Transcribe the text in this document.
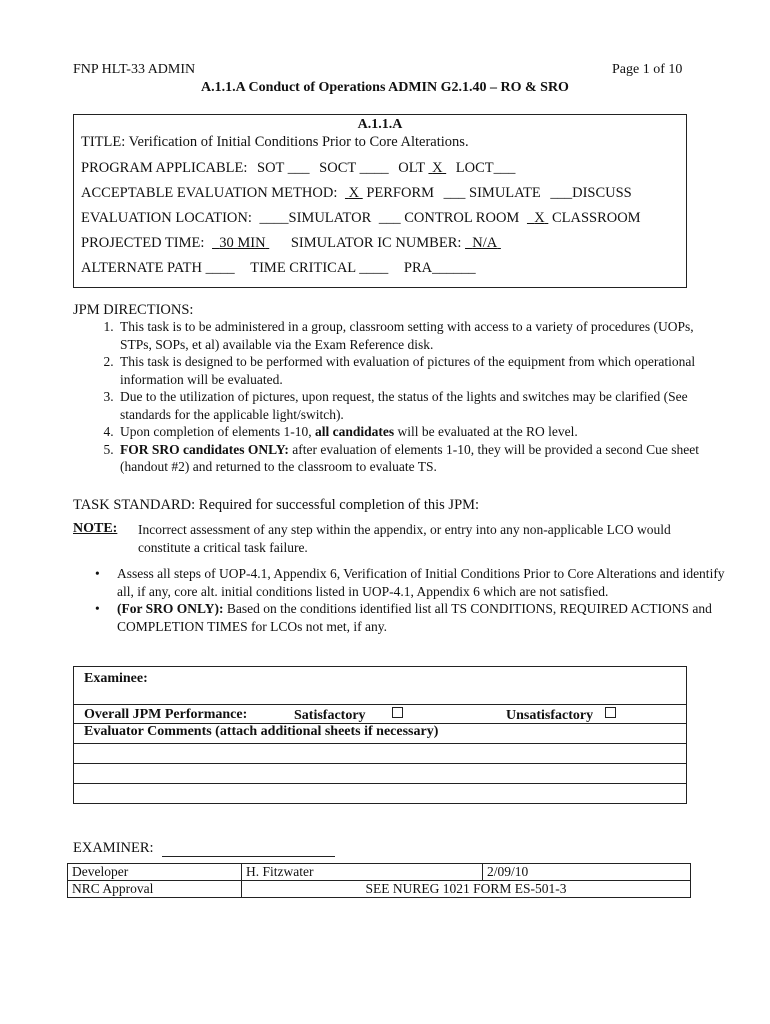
FNP HLT-33 ADMIN	Page 1 of 10
A.1.1.A Conduct of Operations ADMIN G2.1.40 – RO & SRO
A.1.1.A
TITLE: Verification of Initial Conditions Prior to Core Alterations.
PROGRAM APPLICABLE: SOT ___ SOCT ____ OLT X LOCT___
ACCEPTABLE EVALUATION METHOD: X PERFORM ___ SIMULATE ___DISCUSS
EVALUATION LOCATION: ____SIMULATOR ___ CONTROL ROOM X CLASSROOM
PROJECTED TIME: 30 MIN SIMULATOR IC NUMBER: N/A
ALTERNATE PATH ____ TIME CRITICAL ____ PRA______
JPM DIRECTIONS:
1. This task is to be administered in a group, classroom setting with access to a variety of procedures (UOPs, STPs, SOPs, et al) available via the Exam Reference disk.
2. This task is designed to be performed with evaluation of pictures of the equipment from which operational information will be evaluated.
3. Due to the utilization of pictures, upon request, the status of the lights and switches may be clarified (See standards for the applicable light/switch).
4. Upon completion of elements 1-10, all candidates will be evaluated at the RO level.
5. FOR SRO candidates ONLY: after evaluation of elements 1-10, they will be provided a second Cue sheet (handout #2) and returned to the classroom to evaluate TS.
TASK STANDARD: Required for successful completion of this JPM:
NOTE: Incorrect assessment of any step within the appendix, or entry into any non-applicable LCO would constitute a critical task failure.
• Assess all steps of UOP-4.1, Appendix 6, Verification of Initial Conditions Prior to Core Alterations and identify all, if any, core alt. initial conditions listed in UOP-4.1, Appendix 6 which are not satisfied.
• (For SRO ONLY): Based on the conditions identified list all TS CONDITIONS, REQUIRED ACTIONS and COMPLETION TIMES for LCOs not met, if any.
Examinee:
Overall JPM Performance:	Satisfactory	Unsatisfactory
Evaluator Comments (attach additional sheets if necessary)
EXAMINER:
Developer	H. Fitzwater	2/09/10
NRC Approval	SEE NUREG 1021 FORM ES-501-3	
